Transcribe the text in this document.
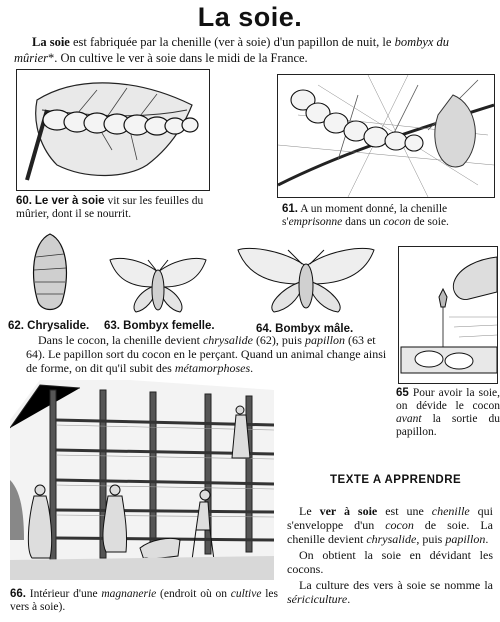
La soie.
La soie est fabriquée par la chenille (ver à soie) d'un papillon de nuit, le bombyx du mûrier*. On cultive le ver à soie dans le midi de la France.
60. Le ver à soie vit sur les feuilles du mûrier, dont il se nourrit.	61. A un moment donné, la chenille s'emprisonne dans un cocon de soie.
62. Chrysalide. 63. Bombyx femelle.	64. Bombyx mâle.
65 Pour avoir la soie, on dévide le cocon avant la sortie du papillon.
Dans le cocon, la chenille devient chrysalide (62), puis papillon (63 et 64). Le papillon sort du cocon en le perçant. Quand un animal change ainsi de forme, on dit qu'il subit des métamorphoses.
66. Intérieur d'une magnanerie (endroit où on cultive les vers à soie).
TEXTE A APPRENDRE
Le ver à soie est une chenille qui s'enveloppe d'un cocon de soie. La chenille devient chrysalide, puis papillon.
On obtient la soie en dévidant les cocons.
La culture des vers à soie se nomme la sériciculture.
